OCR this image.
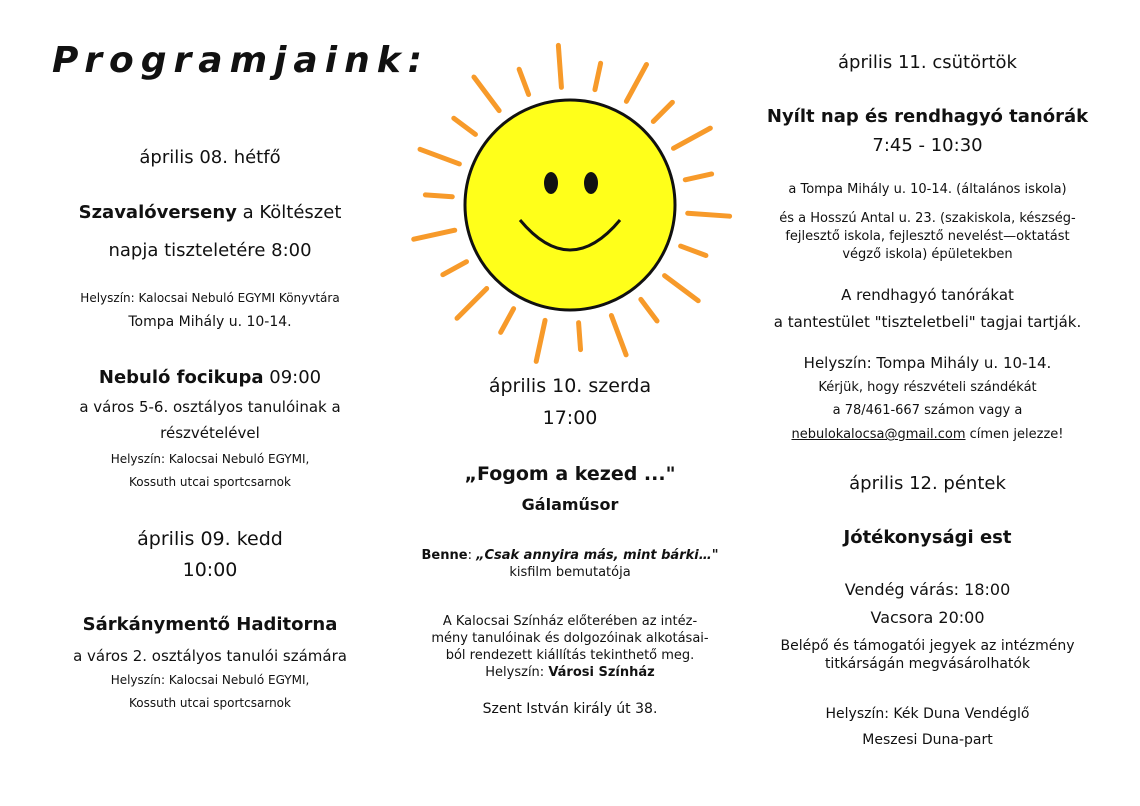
Programjaink:
április 08. hétfő
Szavalóverseny a Költészet
napja tiszteletére 8:00
Helyszín: Kalocsai Nebuló EGYMI Könyvtára
Tompa Mihály u. 10-14.
Nebuló focikupa 09:00
a város 5-6. osztályos tanulóinak a
részvételével
Helyszín: Kalocsai Nebuló EGYMI,
Kossuth utcai sportcsarnok
április 09. kedd
10:00
Sárkánymentő Haditorna
a város 2. osztályos tanulói számára
Helyszín: Kalocsai Nebuló EGYMI,
Kossuth utcai sportcsarnok
április 10. szerda
17:00
„Fogom a kezed ..."
Gálaműsor
Benne: „Csak annyira más, mint bárki…"
kisfilm bemutatója
A Kalocsai Színház előterében az intéz-
mény tanulóinak és dolgozóinak alkotásai-
ból rendezett kiállítás tekinthető meg.
Helyszín: Városi Színház
Szent István király út 38.
április 11. csütörtök
Nyílt nap és rendhagyó tanórák
7:45 - 10:30
a Tompa Mihály u. 10-14. (általános iskola)
és a Hosszú Antal u. 23. (szakiskola, készség-
fejlesztő iskola, fejlesztő nevelést—oktatást
végző iskola) épületekben
A rendhagyó tanórákat
a tantestület "tiszteletbeli" tagjai tartják.
Helyszín: Tompa Mihály u. 10-14.
Kérjük, hogy részvételi szándékát
a 78/461-667 számon vagy a
nebulokalocsa@gmail.com címen jelezze!
április 12. péntek
Jótékonysági est
Vendég várás: 18:00
Vacsora 20:00
Belépő és támogatói jegyek az intézmény
titkárságán megvásárolhatók
Helyszín: Kék Duna Vendéglő
Meszesi Duna-part
